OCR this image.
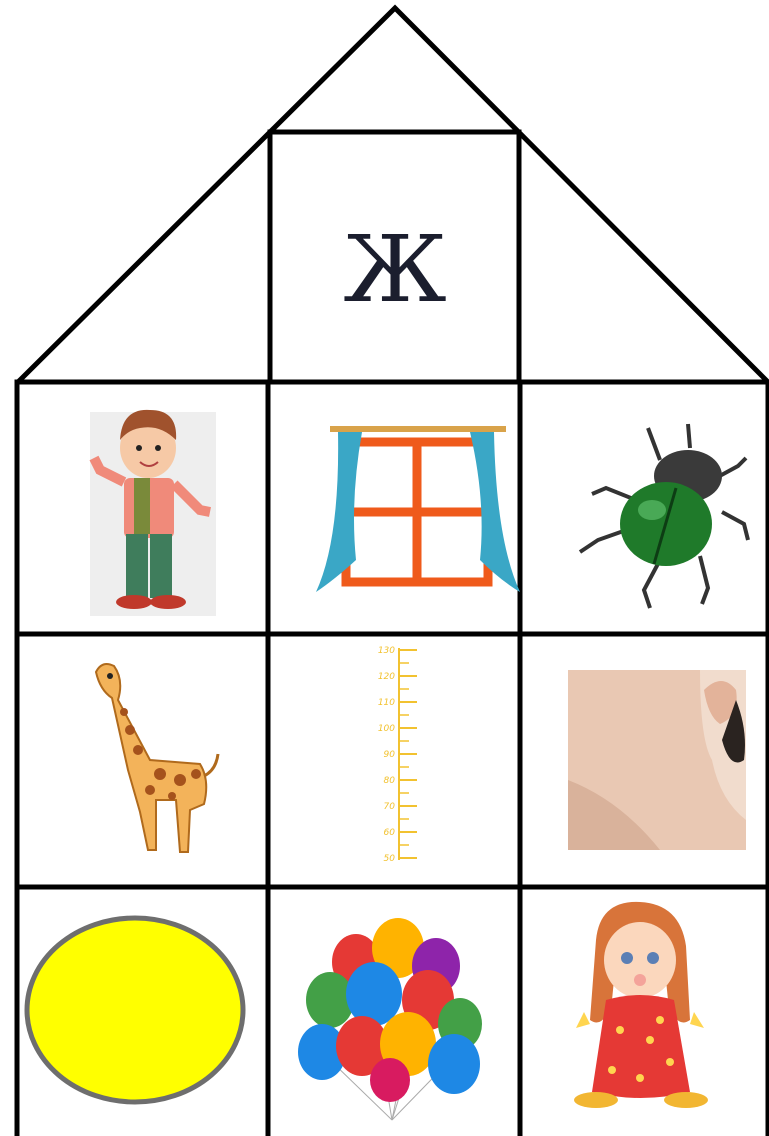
130
120
110
100
90
80
70
60
50
Ж
